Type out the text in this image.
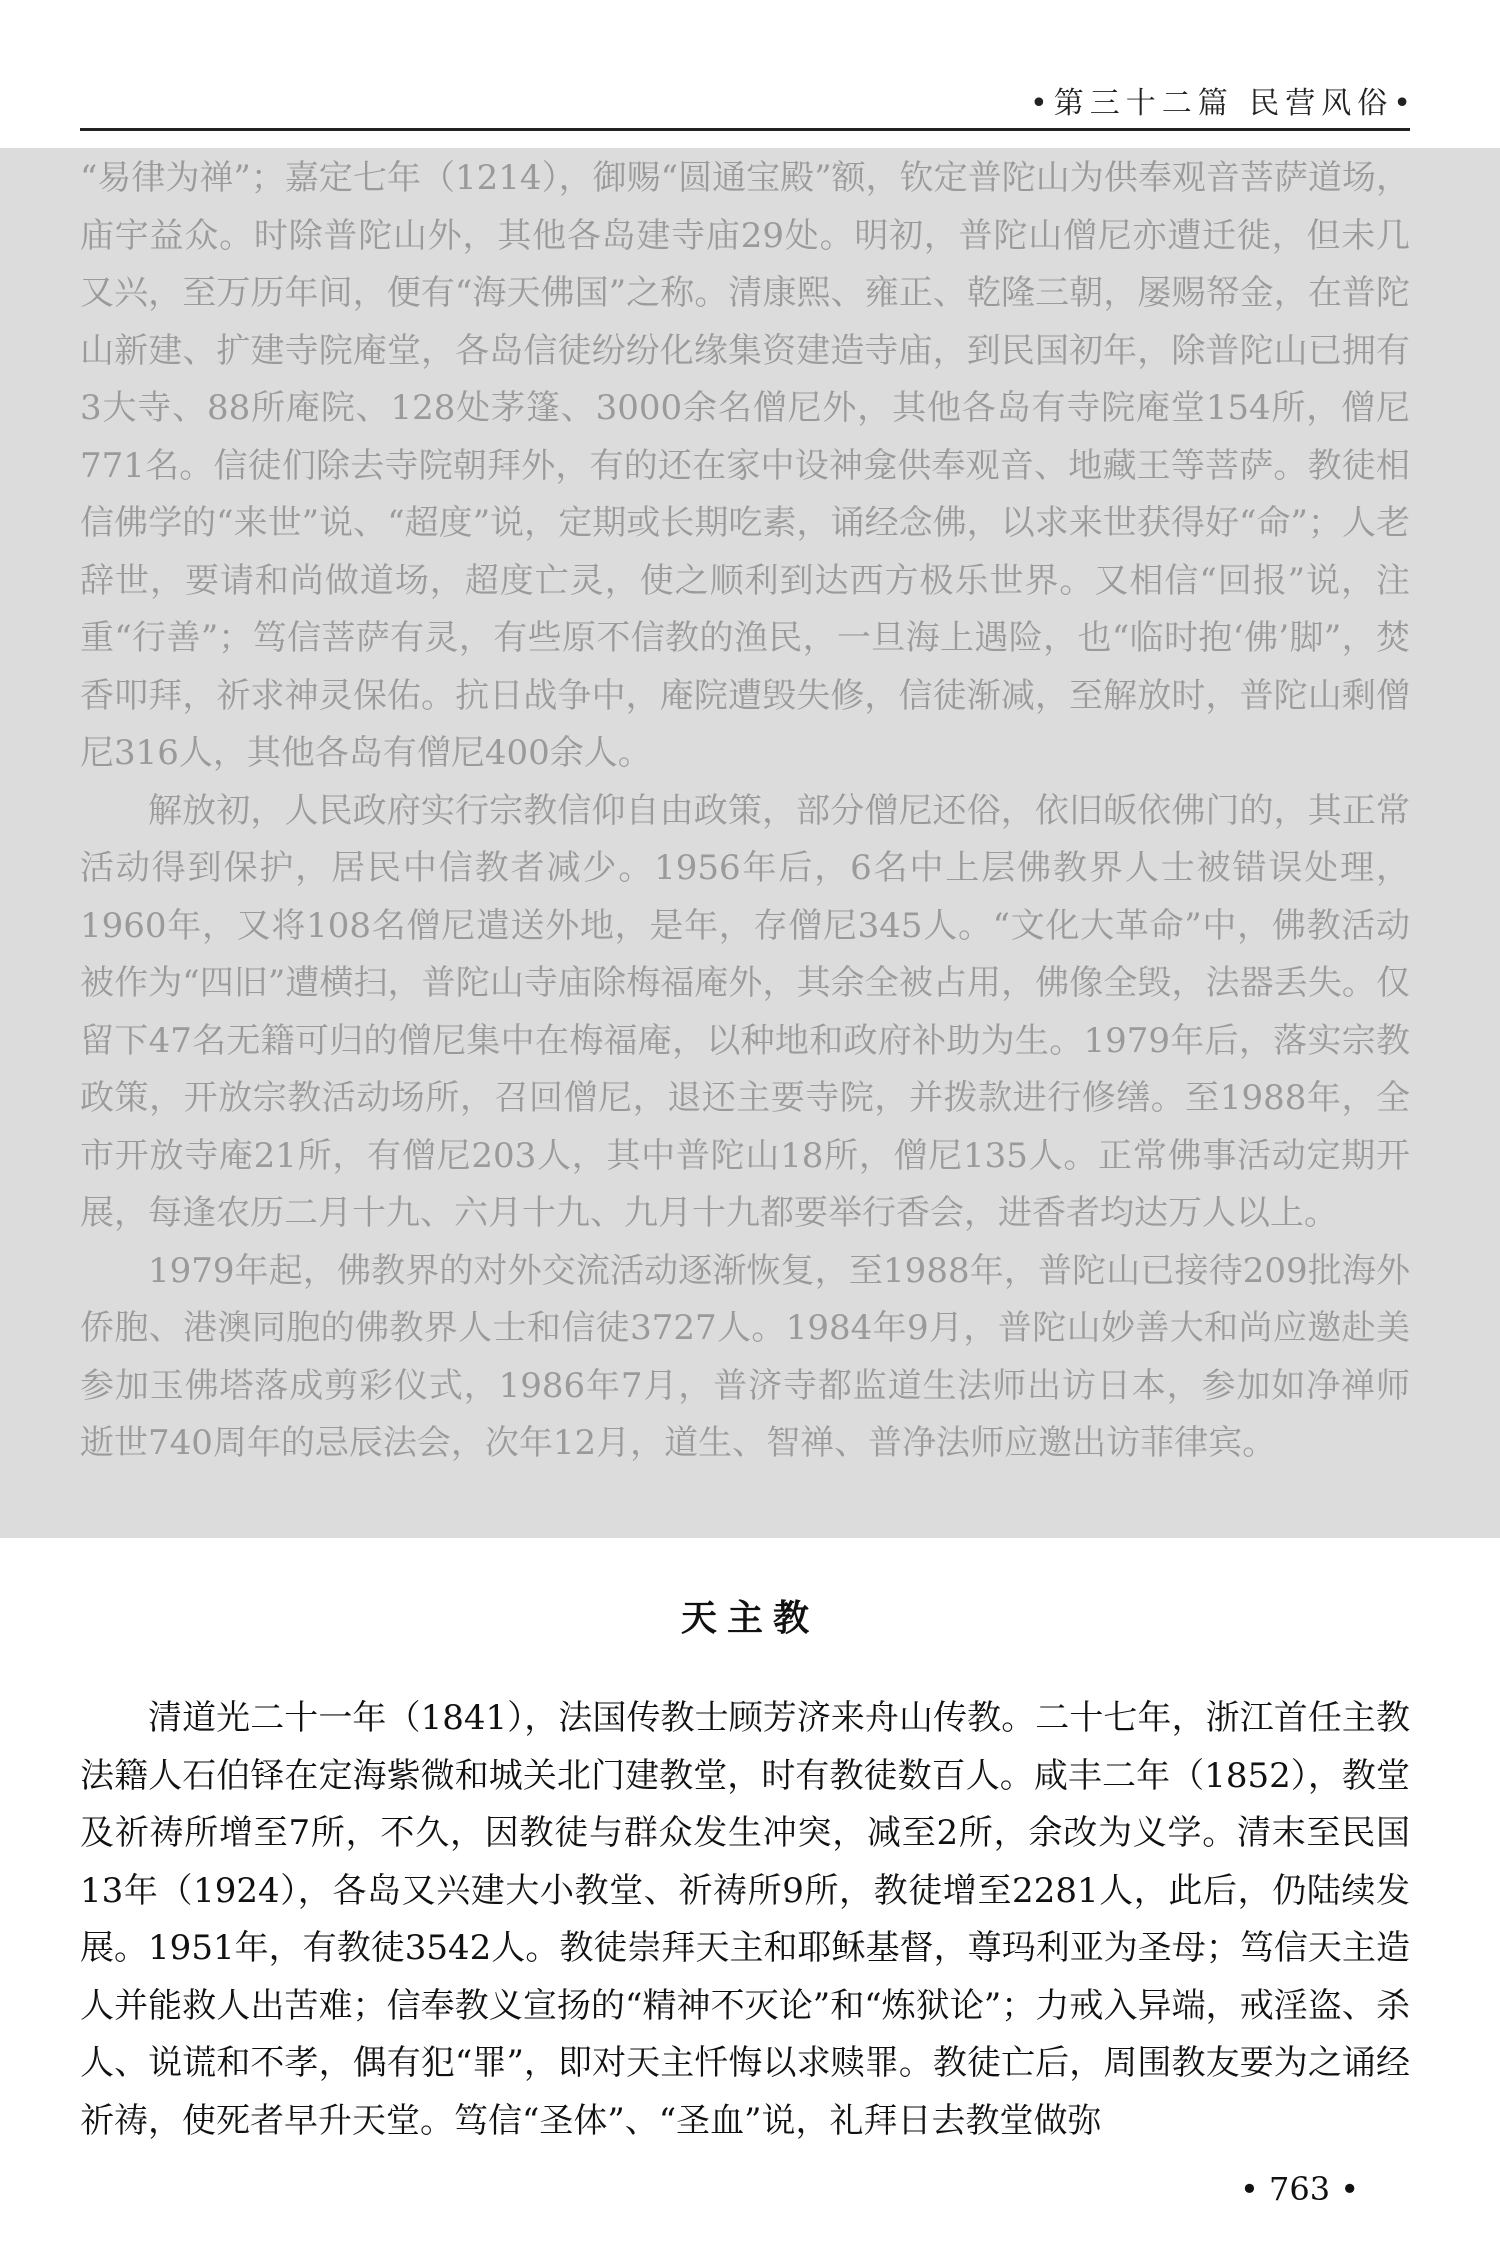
•第三十二篇 民营风俗•

“易律为禅”；嘉定七年（1214），御赐“圆通宝殿”额，钦定普陀山为供奉观音菩萨道场，庙宇益众。时除普陀山外，其他各岛建寺庙29处。明初，普陀山僧尼亦遭迁徙，但未几又兴，至万历年间，便有“海天佛国”之称。清康熙、雍正、乾隆三朝，屡赐帑金，在普陀山新建、扩建寺院庵堂，各岛信徒纷纷化缘集资建造寺庙，到民国初年，除普陀山已拥有3大寺、88所庵院、128处茅篷、3000余名僧尼外，其他各岛有寺院庵堂154所，僧尼771名。信徒们除去寺院朝拜外，有的还在家中设神龛供奉观音、地藏王等菩萨。教徒相信佛学的“来世”说、“超度”说，定期或长期吃素，诵经念佛，以求来世获得好“命”；人老辞世，要请和尚做道场，超度亡灵，使之顺利到达西方极乐世界。又相信“回报”说，注重“行善”；笃信菩萨有灵，有些原不信教的渔民，一旦海上遇险，也“临时抱‘佛’脚”，焚香叩拜，祈求神灵保佑。抗日战争中，庵院遭毁失修，信徒渐减，至解放时，普陀山剩僧尼316人，其他各岛有僧尼400余人。

解放初，人民政府实行宗教信仰自由政策，部分僧尼还俗，依旧皈依佛门的，其正常活动得到保护，居民中信教者减少。1956年后，6名中上层佛教界人士被错误处理，1960年，又将108名僧尼遣送外地，是年，存僧尼345人。“文化大革命”中，佛教活动被作为“四旧”遭横扫，普陀山寺庙除梅福庵外，其余全被占用，佛像全毁，法器丢失。仅留下47名无籍可归的僧尼集中在梅福庵，以种地和政府补助为生。1979年后，落实宗教政策，开放宗教活动场所，召回僧尼，退还主要寺院，并拨款进行修缮。至1988年，全市开放寺庵21所，有僧尼203人，其中普陀山18所，僧尼135人。正常佛事活动定期开展，每逢农历二月十九、六月十九、九月十九都要举行香会，进香者均达万人以上。

1979年起，佛教界的对外交流活动逐渐恢复，至1988年，普陀山已接待209批海外侨胞、港澳同胞的佛教界人士和信徒3727人。1984年9月，普陀山妙善大和尚应邀赴美参加玉佛塔落成剪彩仪式，1986年7月，普济寺都监道生法师出访日本，参加如净禅师逝世740周年的忌辰法会，次年12月，道生、智禅、普净法师应邀出访菲律宾。

天主教

清道光二十一年（1841），法国传教士顾芳济来舟山传教。二十七年，浙江首任主教法籍人石伯铎在定海紫微和城关北门建教堂，时有教徒数百人。咸丰二年（1852），教堂及祈祷所增至7所，不久，因教徒与群众发生冲突，减至2所，余改为义学。清末至民国13年（1924），各岛又兴建大小教堂、祈祷所9所，教徒增至2281人，此后，仍陆续发展。1951年，有教徒3542人。教徒崇拜天主和耶稣基督，尊玛利亚为圣母；笃信天主造人并能救人出苦难；信奉教义宣扬的“精神不灭论”和“炼狱论”；力戒入异端，戒淫盗、杀人、说谎和不孝，偶有犯“罪”，即对天主忏悔以求赎罪。教徒亡后，周围教友要为之诵经祈祷，使死者早升天堂。笃信“圣体”、“圣血”说，礼拜日去教堂做弥

• 763 •
